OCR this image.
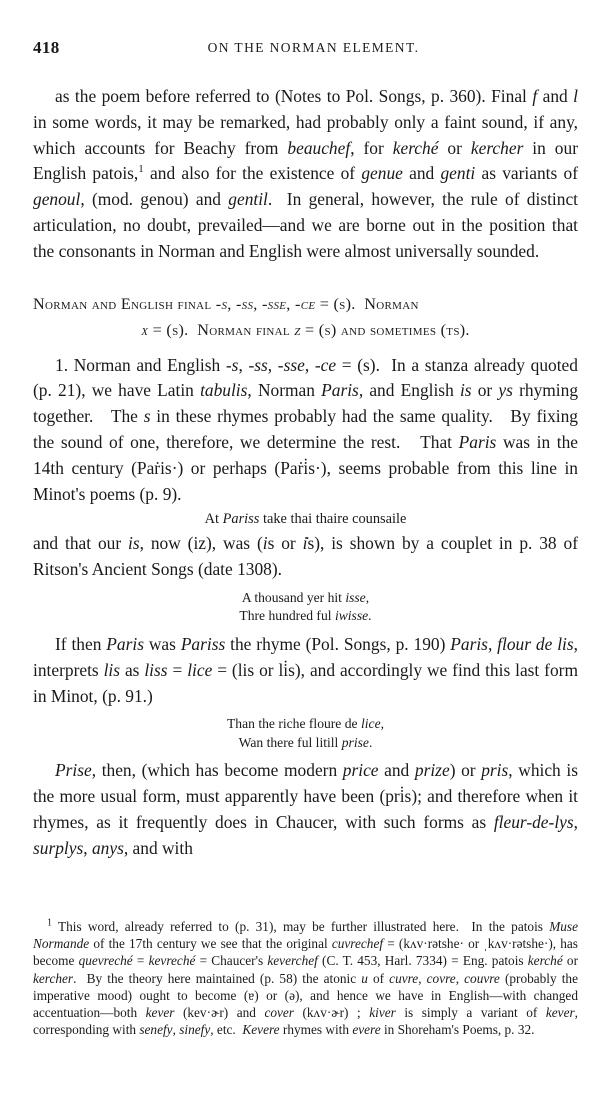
418	ON THE NORMAN ELEMENT.

as the poem before referred to (Notes to Pol. Songs, p. 360). Final f and l in some words, it may be remarked, had probably only a faint sound, if any, which accounts for Beachy from beauchef, for kerché or kercher in our English patois,$^1$ and also for the existence of genue and genti as variants of genoul, (mod. genou) and gentil.  In general, however, the rule of distinct articulation, no doubt, prevailed—and we are borne out in the position that the consonants in Norman and English were almost universally sounded.

Norman and English final -s, -ss, -sse, -ce = (s).  Norman
x = (s).  Norman final z = (s) and sometimes (ts).

1. Norman and English -s, -ss, -sse, -ce = (s).  In a stanza already quoted (p. 21), we have Latin tabulis, Norman Paris, and English is or ys rhyming together.   The s in these rhymes probably had the same quality.   By fixing the sound of one, therefore, we determine the rest.   That Paris was in the 14th century (Paṙis·) or perhaps (Paṙi̇s·), seems probable from this line in Minot's poems (p. 9).

At Pariss take thai thaire counsaile

and that our is, now (iz), was (is or i̇s), is shown by a couplet in p. 38 of Ritson's Ancient Songs (date 1308).

A thousand yer hit isse,
Thre hundred ful iwisse.

If then Paris was Pariss the rhyme (Pol. Songs, p. 190) Paris, flour de lis, interprets lis as liss = lice = (lis or li̇s), and accordingly we find this last form in Minot, (p. 91.)

Than the riche floure de lice,
Wan there ful litill prise.

Prise, then, (which has become modern price and prize) or pris, which is the more usual form, must apparently have been (pri̇s); and therefore when it rhymes, as it frequently does in Chaucer, with such forms as fleur-de-lys, surplys, anys, and with

$^1$ This word, already referred to (p. 31), may be further illustrated here.  In the patois Muse Normande of the 17th century we see that the original cuvrechef = (kʌv·rətshe· or ˌkʌv·rətshe·), has become quevreché = kevreché = Chaucer's keverchef (C. T. 453, Harl. 7334) = Eng. patois kerché or kercher.  By the theory here maintained (p. 58) the atonic u of cuvre, covre, couvre (probably the imperative mood) ought to become (ɐ) or (ə), and hence we have in English—with changed accentuation—both kever (kev·ɚr) and cover (kʌv·ɚr) ; kiver is simply a variant of kever, corresponding with senefy, sinefy, etc.  Kevere rhymes with evere in Shoreham's Poems, p. 32.
